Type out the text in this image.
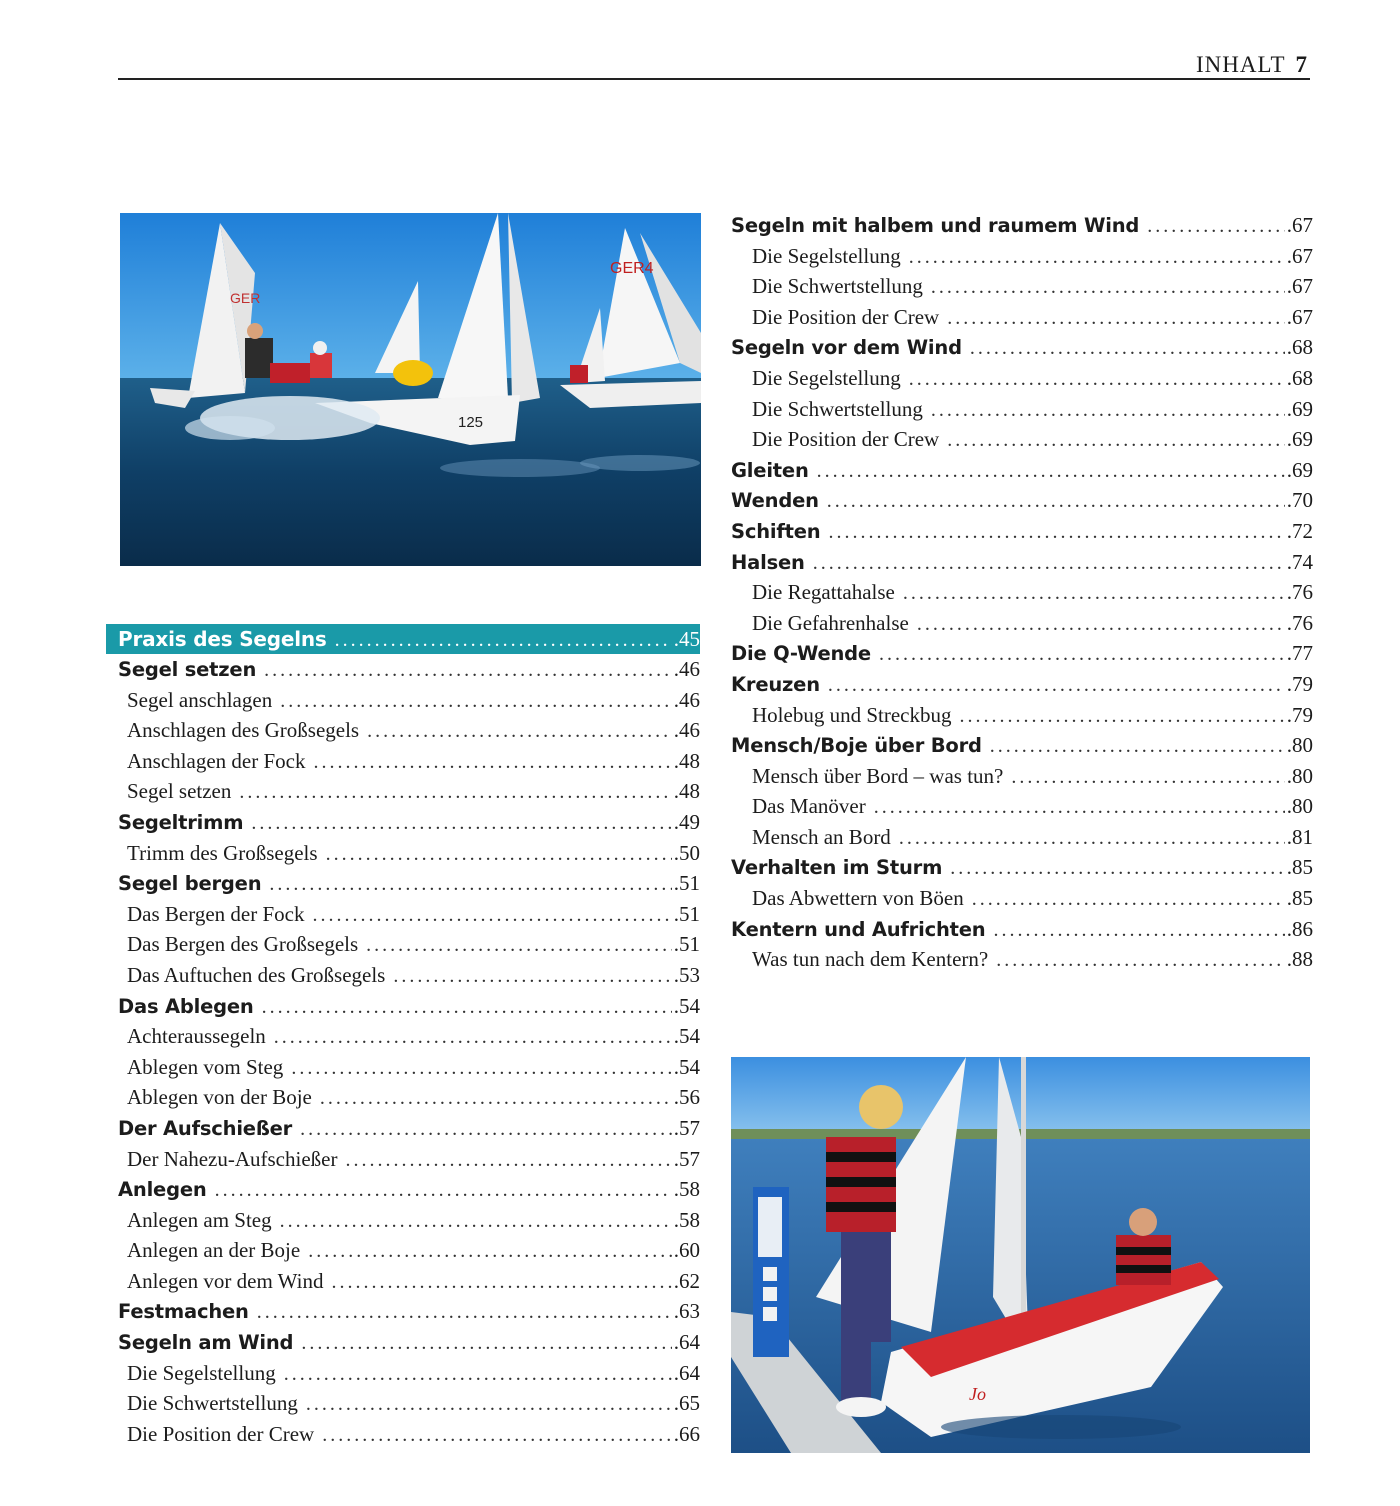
INHALT 7
GER
GER4
125
Praxis des Segelns .....	.45
Segel setzen .....	.46
Segel anschlagen .....	.46
Anschlagen des Großsegels .....	.46
Anschlagen der Fock .....	.48
Segel setzen .....	.48
Segeltrimm .....	.49
Trimm des Großsegels .....	.50
Segel bergen .....	.51
Das Bergen der Fock .....	.51
Das Bergen des Großsegels .....	.51
Das Auftuchen des Großsegels .....	.53
Das Ablegen .....	.54
Achteraussegeln .....	.54
Ablegen vom Steg .....	.54
Ablegen von der Boje .....	.56
Der Aufschießer .....	.57
Der Nahezu-Aufschießer .....	.57
Anlegen .....	.58
Anlegen am Steg .....	.58
Anlegen an der Boje .....	.60
Anlegen vor dem Wind .....	.62
Festmachen .....	.63
Segeln am Wind .....	.64
Die Segelstellung .....	.64
Die Schwertstellung .....	.65
Die Position der Crew .....	.66
Segeln mit halbem und raumem Wind .....	.67
Die Segelstellung .....	.67
Die Schwertstellung .....	.67
Die Position der Crew .....	.67
Segeln vor dem Wind .....	.68
Die Segelstellung .....	.68
Die Schwertstellung .....	.69
Die Position der Crew .....	.69
Gleiten .....	.69
Wenden .....	.70
Schiften .....	.72
Halsen .....	.74
Die Regattahalse .....	.76
Die Gefahrenhalse .....	.76
Die Q-Wende .....	.77
Kreuzen .....	.79
Holebug und Streckbug .....	.79
Mensch/Boje über Bord .....	.80
Mensch über Bord – was tun? .....	.80
Das Manöver .....	.80
Mensch an Bord .....	.81
Verhalten im Sturm .....	.85
Das Abwettern von Böen .....	.85
Kentern und Aufrichten .....	.86
Was tun nach dem Kentern? .....	.88
Jo
